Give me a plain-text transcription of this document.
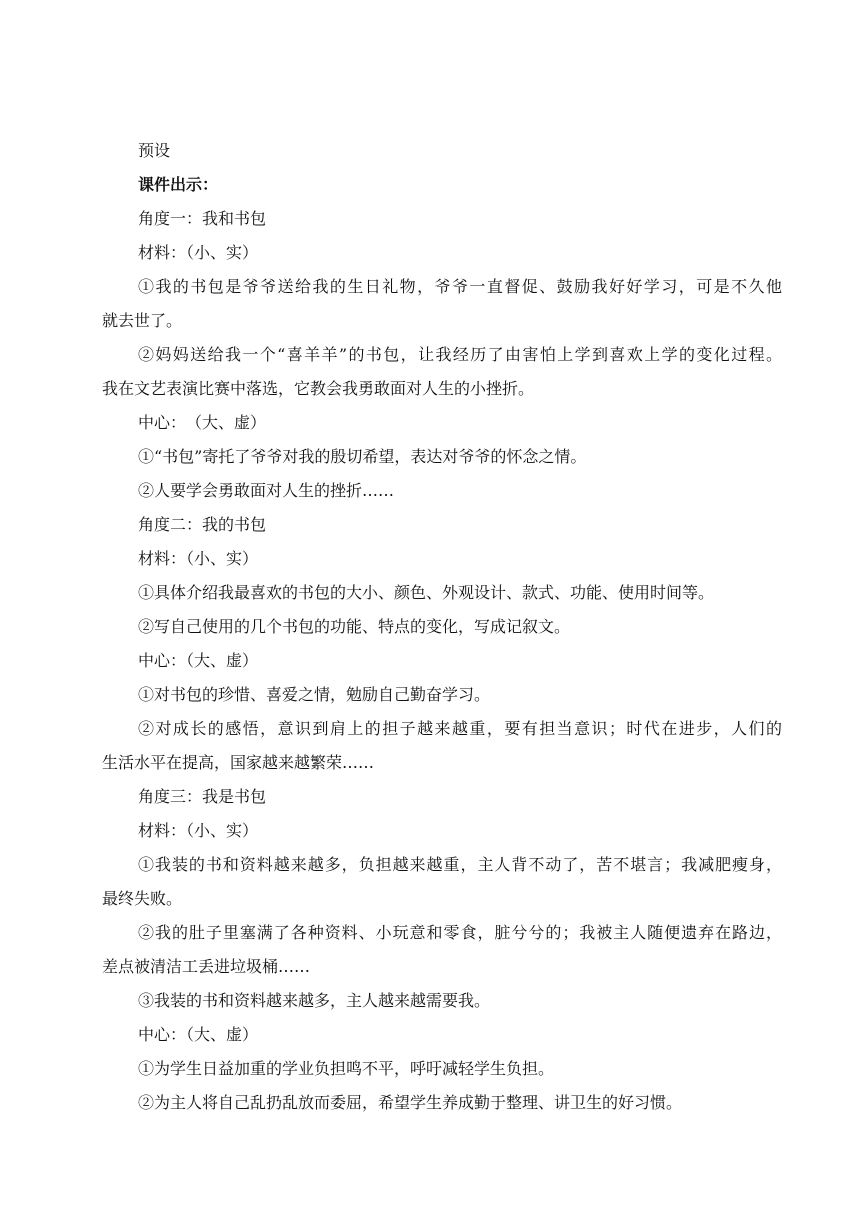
预设
课件出示：
角度一：我和书包
材料：（小、实）
①我的书包是爷爷送给我的生日礼物，爷爷一直督促、鼓励我好好学习，可是不久他
就去世了。
②妈妈送给我一个“喜羊羊”的书包，让我经历了由害怕上学到喜欢上学的变化过程。
我在文艺表演比赛中落选，它教会我勇敢面对人生的小挫折。
中心：　（大、虚）
①“书包”寄托了爷爷对我的殷切希望，表达对爷爷的怀念之情。
②人要学会勇敢面对人生的挫折……
角度二：我的书包
材料：（小、实）
①具体介绍我最喜欢的书包的大小、颜色、外观设计、款式、功能、使用时间等。
②写自己使用的几个书包的功能、特点的变化，写成记叙文。
中心：（大、虚）
①对书包的珍惜、喜爱之情，勉励自己勤奋学习。
②对成长的感悟，意识到肩上的担子越来越重，要有担当意识；时代在进步，人们的
生活水平在提高，国家越来越繁荣……
角度三：我是书包
材料：（小、实）
①我装的书和资料越来越多，负担越来越重，主人背不动了，苦不堪言；我减肥瘦身，
最终失败。
②我的肚子里塞满了各种资料、小玩意和零食，脏兮兮的；我被主人随便遗弃在路边，
差点被清洁工丢进垃圾桶……
③我装的书和资料越来越多，主人越来越需要我。
中心：（大、虚）
①为学生日益加重的学业负担鸣不平，呼吁减轻学生负担。
②为主人将自己乱扔乱放而委屈，希望学生养成勤于整理、讲卫生的好习惯。
